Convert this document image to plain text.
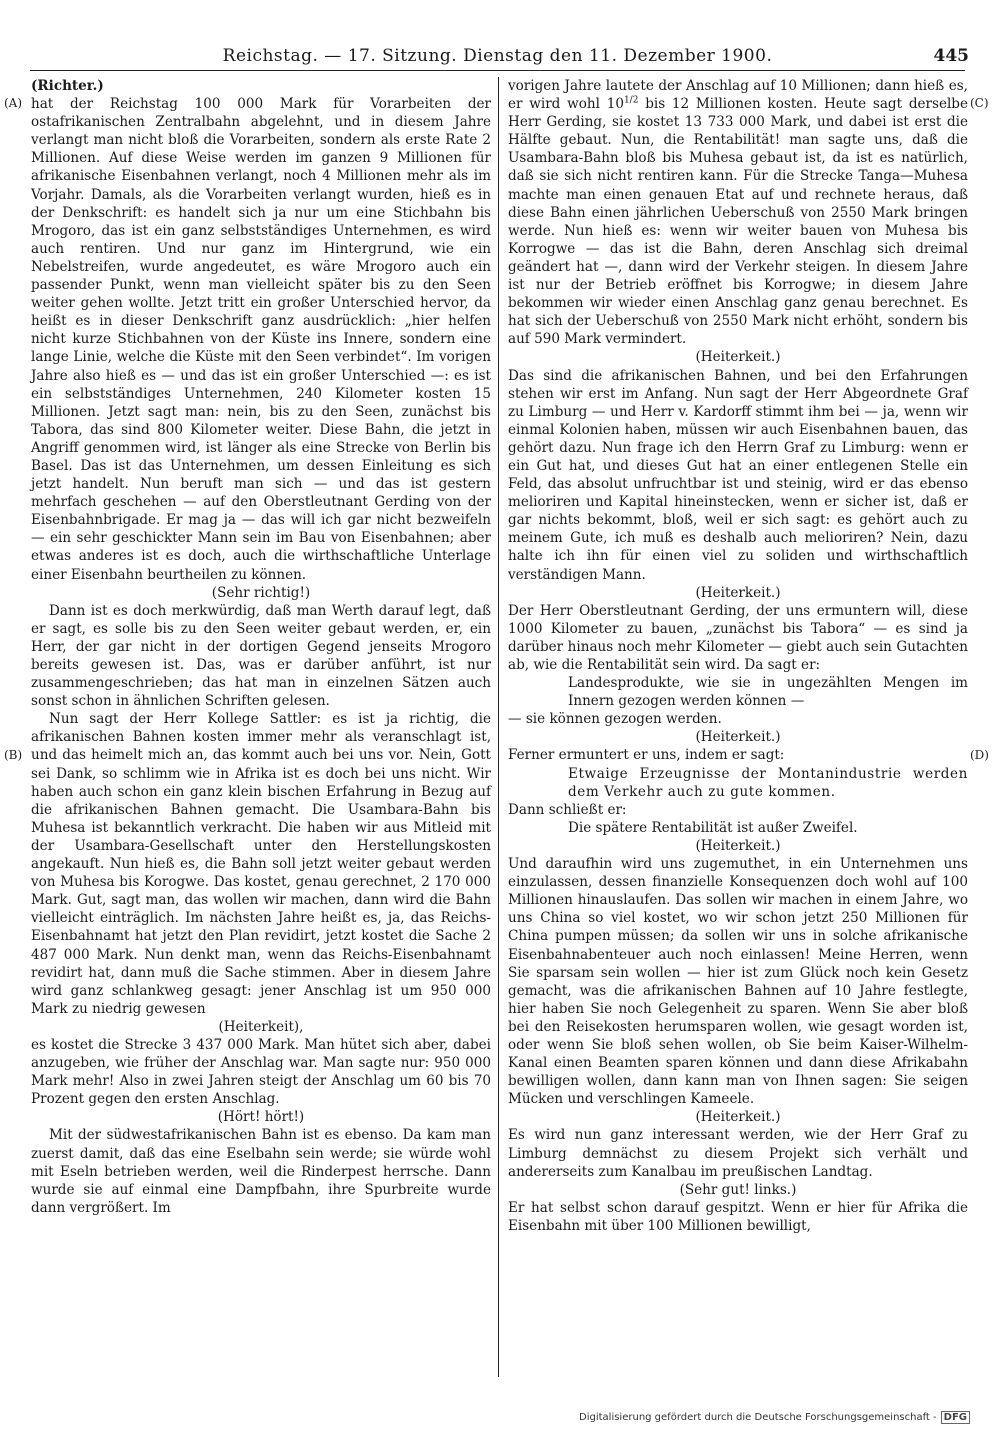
Reichstag. — 17. Sitzung. Dienstag den 11. Dezember 1900.	445
(A)
(B)
(C)
(D)

(Richter.)

hat der Reichstag 100 000 Mark für Vorarbeiten der ostafrikanischen Zentralbahn abgelehnt, und in diesem Jahre verlangt man nicht bloß die Vorarbeiten, sondern als erste Rate 2 Millionen. Auf diese Weise werden im ganzen 9 Millionen für afrikanische Eisenbahnen verlangt, noch 4 Millionen mehr als im Vorjahr. Damals, als die Vorarbeiten verlangt wurden, hieß es in der Denkschrift: es handelt sich ja nur um eine Stichbahn bis Mrogoro, das ist ein ganz selbstständiges Unternehmen, es wird auch rentiren. Und nur ganz im Hintergrund, wie ein Nebelstreifen, wurde angedeutet, es wäre Mrogoro auch ein passender Punkt, wenn man vielleicht später bis zu den Seen weiter gehen wollte. Jetzt tritt ein großer Unterschied hervor, da heißt es in dieser Denkschrift ganz ausdrücklich: „hier helfen nicht kurze Stichbahnen von der Küste ins Innere, sondern eine lange Linie, welche die Küste mit den Seen verbindet“. Im vorigen Jahre also hieß es — und das ist ein großer Unterschied —: es ist ein selbstständiges Unternehmen, 240 Kilometer kosten 15 Millionen. Jetzt sagt man: nein, bis zu den Seen, zunächst bis Tabora, das sind 800 Kilometer weiter. Diese Bahn, die jetzt in Angriff genommen wird, ist länger als eine Strecke von Berlin bis Basel. Das ist das Unternehmen, um dessen Einleitung es sich jetzt handelt. Nun beruft man sich — und das ist gestern mehrfach geschehen — auf den Oberstleutnant Gerding von der Eisenbahnbrigade. Er mag ja — das will ich gar nicht bezweifeln — ein sehr geschickter Mann sein im Bau von Eisenbahnen; aber etwas anderes ist es doch, auch die wirthschaftliche Unterlage einer Eisenbahn beurtheilen zu können.

(Sehr richtig!)

Dann ist es doch merkwürdig, daß man Werth darauf legt, daß er sagt, es solle bis zu den Seen weiter gebaut werden, er, ein Herr, der gar nicht in der dortigen Gegend jenseits Mrogoro bereits gewesen ist. Das, was er darüber anführt, ist nur zusammengeschrieben; das hat man in einzelnen Sätzen auch sonst schon in ähnlichen Schriften gelesen.

Nun sagt der Herr Kollege Sattler: es ist ja richtig, die afrikanischen Bahnen kosten immer mehr als veranschlagt ist, und das heimelt mich an, das kommt auch bei uns vor. Nein, Gott sei Dank, so schlimm wie in Afrika ist es doch bei uns nicht. Wir haben auch schon ein ganz klein bischen Erfahrung in Bezug auf die afrikanischen Bahnen gemacht. Die Usambara-Bahn bis Muhesa ist bekanntlich verkracht. Die haben wir aus Mitleid mit der Usambara-Gesellschaft unter den Herstellungskosten angekauft. Nun hieß es, die Bahn soll jetzt weiter gebaut werden von Muhesa bis Korogwe. Das kostet, genau gerechnet, 2 170 000 Mark. Gut, sagt man, das wollen wir machen, dann wird die Bahn vielleicht einträglich. Im nächsten Jahre heißt es, ja, das Reichs-Eisenbahnamt hat jetzt den Plan revidirt, jetzt kostet die Sache 2 487 000 Mark. Nun denkt man, wenn das Reichs-Eisenbahnamt revidirt hat, dann muß die Sache stimmen. Aber in diesem Jahre wird ganz schlankweg gesagt: jener Anschlag ist um 950 000 Mark zu niedrig gewesen

(Heiterkeit),

es kostet die Strecke 3 437 000 Mark. Man hütet sich aber, dabei anzugeben, wie früher der Anschlag war. Man sagte nur: 950 000 Mark mehr! Also in zwei Jahren steigt der Anschlag um 60 bis 70 Prozent gegen den ersten Anschlag.

(Hört! hört!)

Mit der südwestafrikanischen Bahn ist es ebenso. Da kam man zuerst damit, daß das eine Eselbahn sein werde; sie würde wohl mit Eseln betrieben werden, weil die Rinderpest herrsche. Dann wurde sie auf einmal eine Dampfbahn, ihre Spurbreite wurde dann vergrößert. Im

vorigen Jahre lautete der Anschlag auf 10 Millionen; dann hieß es, er wird wohl $10^{1/2}$ bis 12 Millionen kosten. Heute sagt derselbe Herr Gerding, sie kostet 13 733 000 Mark, und dabei ist erst die Hälfte gebaut. Nun, die Rentabilität! man sagte uns, daß die Usambara-Bahn bloß bis Muhesa gebaut ist, da ist es natürlich, daß sie sich nicht rentiren kann. Für die Strecke Tanga—Muhesa machte man einen genauen Etat auf und rechnete heraus, daß diese Bahn einen jährlichen Ueberschuß von 2550 Mark bringen werde. Nun hieß es: wenn wir weiter bauen von Muhesa bis Korrogwe — das ist die Bahn, deren Anschlag sich dreimal geändert hat —, dann wird der Verkehr steigen. In diesem Jahre ist nur der Betrieb eröffnet bis Korrogwe; in diesem Jahre bekommen wir wieder einen Anschlag ganz genau berechnet. Es hat sich der Ueberschuß von 2550 Mark nicht erhöht, sondern bis auf 590 Mark vermindert.

(Heiterkeit.)

Das sind die afrikanischen Bahnen, und bei den Erfahrungen stehen wir erst im Anfang. Nun sagt der Herr Abgeordnete Graf zu Limburg — und Herr v. Kardorff stimmt ihm bei — ja, wenn wir einmal Kolonien haben, müssen wir auch Eisenbahnen bauen, das gehört dazu. Nun frage ich den Herrn Graf zu Limburg: wenn er ein Gut hat, und dieses Gut hat an einer entlegenen Stelle ein Feld, das absolut unfruchtbar ist und steinig, wird er das ebenso melioriren und Kapital hineinstecken, wenn er sicher ist, daß er gar nichts bekommt, bloß, weil er sich sagt: es gehört auch zu meinem Gute, ich muß es deshalb auch melioriren? Nein, dazu halte ich ihn für einen viel zu soliden und wirthschaftlich verständigen Mann.

(Heiterkeit.)

Der Herr Oberstleutnant Gerding, der uns ermuntern will, diese 1000 Kilometer zu bauen, „zunächst bis Tabora“ — es sind ja darüber hinaus noch mehr Kilometer — giebt auch sein Gutachten ab, wie die Rentabilität sein wird. Da sagt er:

Landesprodukte, wie sie in ungezählten Mengen im Innern gezogen werden können —

— sie können gezogen werden.

(Heiterkeit.)

Ferner ermuntert er uns, indem er sagt:

Etwaige Erzeugnisse der Montanindustrie werden dem Verkehr auch zu gute kommen.

Dann schließt er:

Die spätere Rentabilität ist außer Zweifel.

(Heiterkeit.)

Und daraufhin wird uns zugemuthet, in ein Unternehmen uns einzulassen, dessen finanzielle Konsequenzen doch wohl auf 100 Millionen hinauslaufen. Das sollen wir machen in einem Jahre, wo uns China so viel kostet, wo wir schon jetzt 250 Millionen für China pumpen müssen; da sollen wir uns in solche afrikanische Eisenbahnabenteuer auch noch einlassen! Meine Herren, wenn Sie sparsam sein wollen — hier ist zum Glück noch kein Gesetz gemacht, was die afrikanischen Bahnen auf 10 Jahre festlegte, hier haben Sie noch Gelegenheit zu sparen. Wenn Sie aber bloß bei den Reisekosten herumsparen wollen, wie gesagt worden ist, oder wenn Sie bloß sehen wollen, ob Sie beim Kaiser-Wilhelm-Kanal einen Beamten sparen können und dann diese Afrikabahn bewilligen wollen, dann kann man von Ihnen sagen: Sie seigen Mücken und verschlingen Kameele.

(Heiterkeit.)

Es wird nun ganz interessant werden, wie der Herr Graf zu Limburg demnächst zu diesem Projekt sich verhält und andererseits zum Kanalbau im preußischen Landtag.

(Sehr gut! links.)

Er hat selbst schon darauf gespitzt. Wenn er hier für Afrika die Eisenbahn mit über 100 Millionen bewilligt,

Digitalisierung gefördert durch die Deutsche Forschungsgemeinschaft - DFG
